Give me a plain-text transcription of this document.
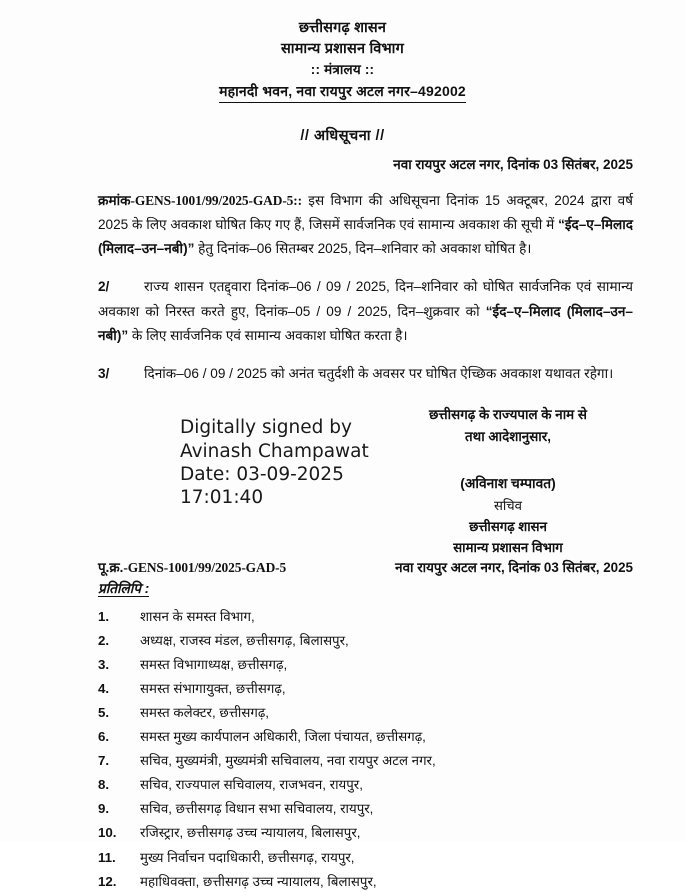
छत्तीसगढ़ शासन
सामान्य प्रशासन विभाग
:: मंत्रालय ::
महानदी भवन, नवा रायपुर अटल नगर–492002
// अधिसूचना //
नवा रायपुर अटल नगर, दिनांक 03 सितंबर, 2025

क्रमांक-GENS-1001/99/2025-GAD-5:: इस विभाग की अधिसूचना दिनांक 15 अक्टूबर, 2024 द्वारा वर्ष 2025 के लिए अवकाश घोषित किए गए हैं, जिसमें सार्वजनिक एवं सामान्य अवकाश की सूची में “ईद–ए–मिलाद (मिलाद–उन–नबी)” हेतु दिनांक–06 सितम्बर 2025, दिन–शनिवार को अवकाश घोषित है।

2/	राज्य शासन एतद्द्वारा दिनांक–06 / 09 / 2025, दिन–शनिवार को घोषित सार्वजनिक एवं सामान्य अवकाश को निरस्त करते हुए, दिनांक–05 / 09 / 2025, दिन–शुक्रवार को “ईद–ए–मिलाद (मिलाद–उन–नबी)” के लिए सार्वजनिक एवं सामान्य अवकाश घोषित करता है।

3/	दिनांक–06 / 09 / 2025 को अनंत चतुर्दशी के अवसर पर घोषित ऐच्छिक अवकाश यथावत रहेगा।

Digitally signed by
Avinash Champawat
Date: 03-09-2025
17:01:40
छत्तीसगढ़ के राज्यपाल के नाम से
तथा आदेशानुसार,
(अविनाश चम्पावत)
सचिव
छत्तीसगढ़ शासन
सामान्य प्रशासन विभाग
पू.क्र.-GENS-1001/99/2025-GAD-5	नवा रायपुर अटल नगर, दिनांक 03 सितंबर, 2025
प्रतिलिपि :
1.	शासन के समस्त विभाग,
2.	अध्यक्ष, राजस्व मंडल, छत्तीसगढ़, बिलासपुर,
3.	समस्त विभागाध्यक्ष, छत्तीसगढ़,
4.	समस्त संभागायुक्त, छत्तीसगढ़,
5.	समस्त कलेक्टर, छत्तीसगढ़,
6.	समस्त मुख्य कार्यपालन अधिकारी, जिला पंचायत, छत्तीसगढ़,
7.	सचिव, मुख्यमंत्री, मुख्यमंत्री सचिवालय, नवा रायपुर अटल नगर,
8.	सचिव, राज्यपाल सचिवालय, राजभवन, रायपुर,
9.	सचिव, छत्तीसगढ़ विधान सभा सचिवालय, रायपुर,
10.	रजिस्ट्रार, छत्तीसगढ़ उच्च न्यायालय, बिलासपुर,
11.	मुख्य निर्वाचन पदाधिकारी, छत्तीसगढ़, रायपुर,
12.	महाधिवक्ता, छत्तीसगढ़ उच्च न्यायालय, बिलासपुर,
